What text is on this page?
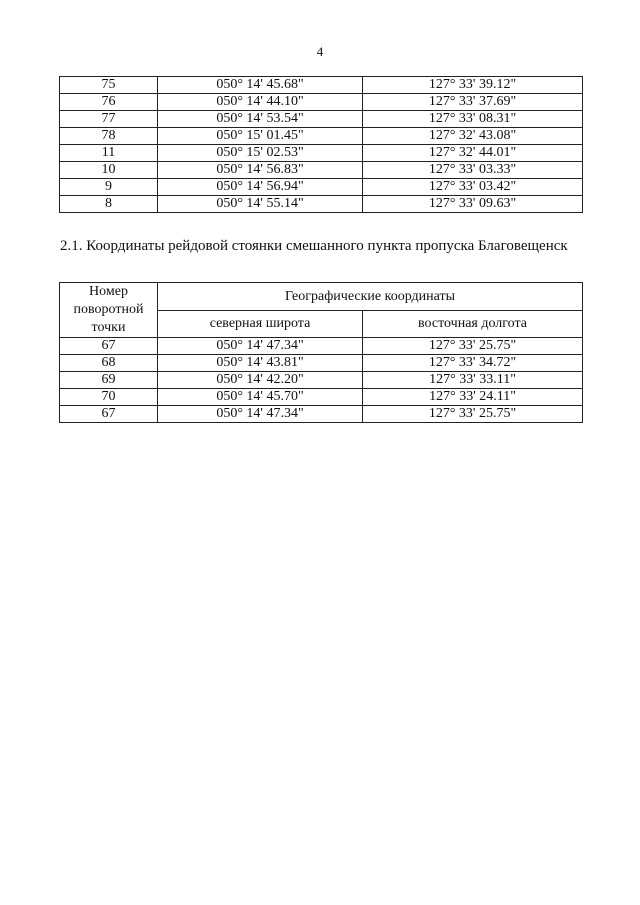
4
75	050° 14' 45.68"	127° 33' 39.12"
76	050° 14' 44.10"	127° 33' 37.69"
77	050° 14' 53.54"	127° 33' 08.31"
78	050° 15' 01.45"	127° 32' 43.08"
11	050° 15' 02.53"	127° 32' 44.01"
10	050° 14' 56.83"	127° 33' 03.33"
9	050° 14' 56.94"	127° 33' 03.42"
8	050° 14' 55.14"	127° 33' 09.63"
2.1. Координаты рейдовой стоянки смешанного пункта пропуска Благовещенск
Номер поворотной точки	Географические координаты	
	северная широта	восточная долгота
67	050° 14' 47.34"	127° 33' 25.75"
68	050° 14' 43.81"	127° 33' 34.72"
69	050° 14' 42.20"	127° 33' 33.11"
70	050° 14' 45.70"	127° 33' 24.11"
67	050° 14' 47.34"	127° 33' 25.75"
